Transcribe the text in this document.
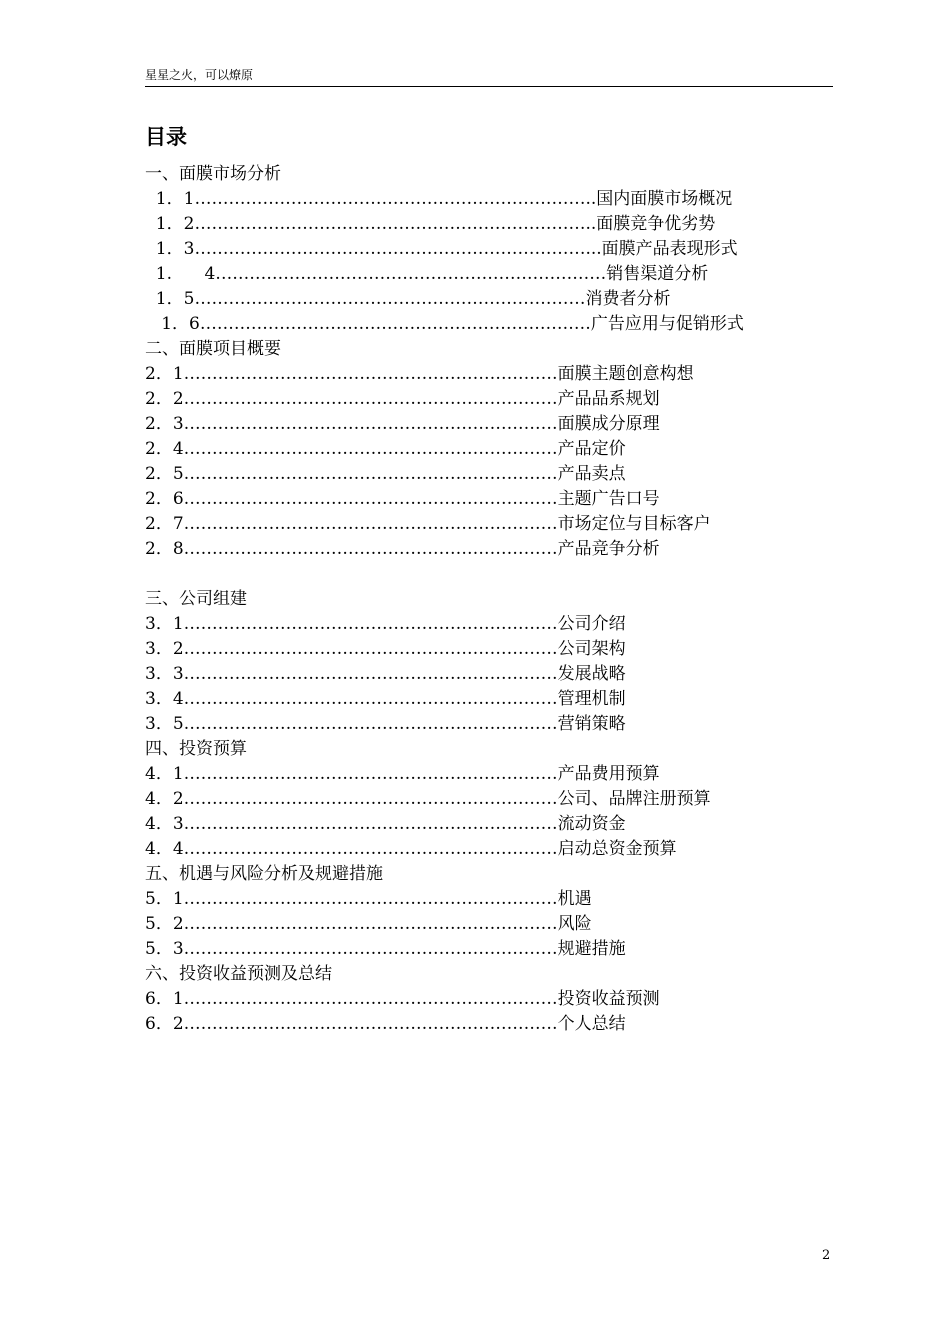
星星之火，可以燎原
目录
一、面膜市场分析
1．1……………………………………………………………..国内面膜市场概况
1．2……………………………………………………………..面膜竞争优劣势
1．3……………………………………………………………...面膜产品表现形式
1.      4……………………………………………………………销售渠道分析
1．5……………………………………………………………消费者分析
1．6……………………………………………………………广告应用与促销形式
二、面膜项目概要
2．1…………………………………………………………面膜主题创意构想
2．2…………………………………………………………产品品系规划
2．3…………………………………………………………面膜成分原理
2．4…………………………………………………………产品定价
2．5…………………………………………………………产品卖点
2．6…………………………………………………………主题广告口号
2．7…………………………………………………………市场定位与目标客户
2．8…………………………………………………………产品竞争分析
三、公司组建
3．1…………………………………………………………公司介绍
3．2…………………………………………………………公司架构
3．3…………………………………………………………发展战略
3．4…………………………………………………………管理机制
3．5…………………………………………………………营销策略
四、投资预算
4．1…………………………………………………………产品费用预算
4．2…………………………………………………………公司、品牌注册预算
4．3…………………………………………………………流动资金
4．4…………………………………………………………启动总资金预算
五、机遇与风险分析及规避措施
5．1…………………………………………………………机遇
5．2…………………………………………………………风险
5．3…………………………………………………………规避措施
六、投资收益预测及总结
6．1…………………………………………………………投资收益预测
6．2…………………………………………………………个人总结
2
